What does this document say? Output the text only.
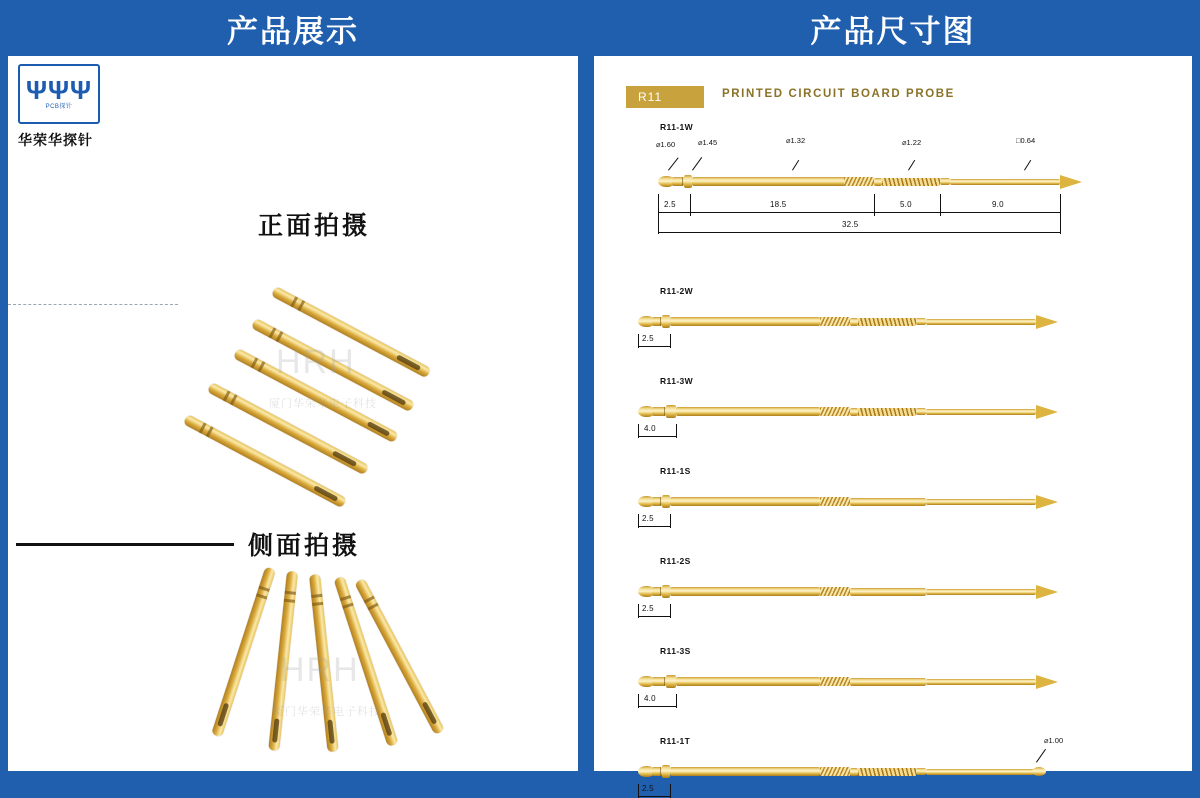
产品展示	产品尺寸图
ΨΨΨ
PCB探针
华荣华探针
正面拍摄
侧面拍摄
HRH
厦门华荣华电子科技
HRH
厦门华荣华电子科技
R11	PRINTED CIRCUIT BOARD PROBE
R11-1W
⌀1.60	⌀1.45	⌀1.32	⌀1.22	□0.64
2.5	18.5	5.0	9.0
32.5
R11-2W
2.5
R11-3W
4.0
R11-1S
2.5
R11-2S
2.5
R11-3S
4.0
R11-1T
2.5
⌀1.00
